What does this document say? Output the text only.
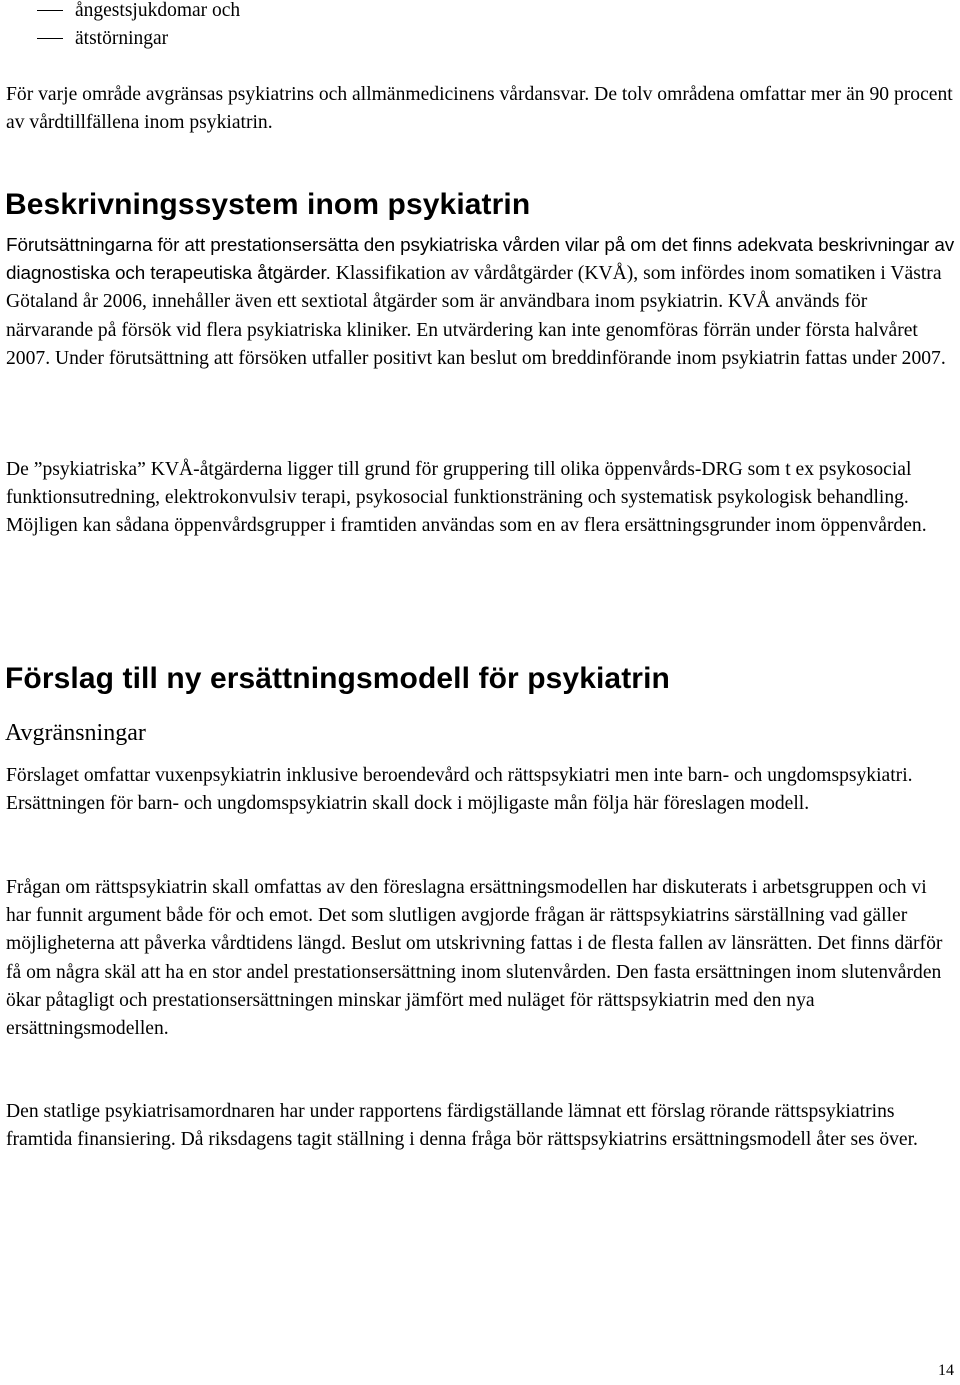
ångestsjukdomar och
ätstörningar

För varje område avgränsas psykiatrins och allmänmedicinens vårdansvar. De tolv områdena omfattar mer än 90 procent av vårdtillfällena inom psykiatrin.

Beskrivningssystem inom psykiatrin

Förutsättningarna för att prestationsersätta den psykiatriska vården vilar på om det finns adekvata beskrivningar av diagnostiska och terapeutiska åtgärder. Klassifikation av vårdåtgärder (KVÅ), som infördes inom somatiken i Västra Götaland år 2006, innehåller även ett sextiotal åtgärder som är användbara inom psykiatrin. KVÅ används för närvarande på försök vid flera psykiatriska kliniker. En utvärdering kan inte genomföras förrän under första halvåret 2007. Under förutsättning att försöken utfaller positivt kan beslut om breddinförande inom psykiatrin fattas under 2007.

De ”psykiatriska” KVÅ-åtgärderna ligger till grund för gruppering till olika öppenvårds-DRG som t ex psykosocial funktionsutredning, elektrokonvulsiv terapi, psykosocial funktionsträning och systematisk psykologisk behandling. Möjligen kan sådana öppenvårdsgrupper i framtiden användas som en av flera ersättningsgrunder inom öppenvården.

Förslag till ny ersättningsmodell för psykiatrin
Avgränsningar

Förslaget omfattar vuxenpsykiatrin inklusive beroendevård och rättspsykiatri men inte barn- och ungdomspsykiatri. Ersättningen för barn- och ungdomspsykiatrin skall dock i möjligaste mån följa här föreslagen modell.

Frågan om rättspsykiatrin skall omfattas av den föreslagna ersättningsmodellen har diskuterats i arbetsgruppen och vi har funnit argument både för och emot. Det som slutligen avgjorde frågan är rättspsykiatrins särställning vad gäller möjligheterna att påverka vårdtidens längd. Beslut om utskrivning fattas i de flesta fallen av länsrätten. Det finns därför få om några skäl att ha en stor andel prestationsersättning inom slutenvården. Den fasta ersättningen inom slutenvården ökar påtagligt och prestationsersättningen minskar jämfört med nuläget för rättspsykiatrin med den nya ersättningsmodellen.

Den statlige psykiatrisamordnaren har under rapportens färdigställande lämnat ett förslag rörande rättspsykiatrins framtida finansiering. Då riksdagens tagit ställning i denna fråga bör rättspsykiatrins ersättningsmodell åter ses över.

14
